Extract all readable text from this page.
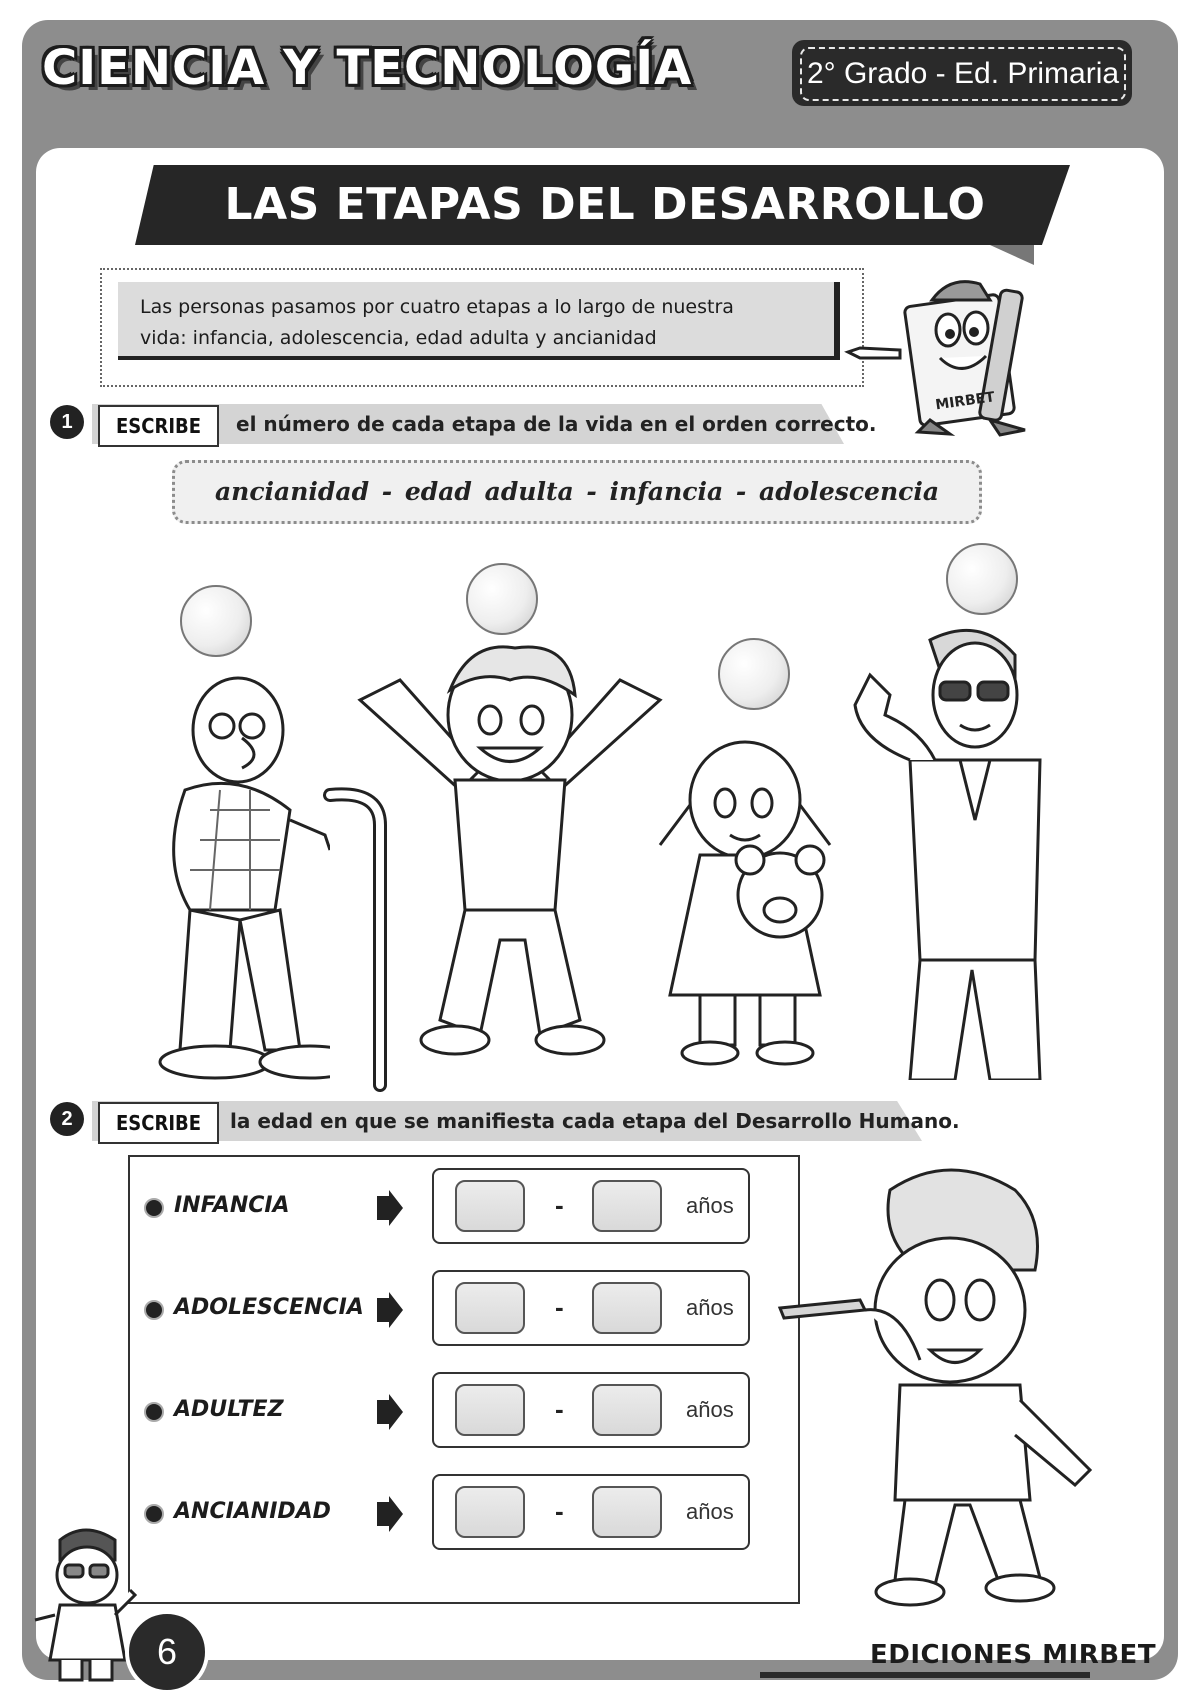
CIENCIA Y TECNOLOGÍA	2° Grado - Ed. Primaria
LAS ETAPAS DEL DESARROLLO
Las personas pasamos por cuatro etapas a lo largo de nuestra
vida: infancia, adolescencia, edad adulta y ancianidad
MIRBET
1	ESCRIBE	el número de cada etapa de la vida en el orden correcto.
ancianidad - edad adulta - infancia - adolescencia
2	ESCRIBE	la edad en que se manifiesta cada etapa del Desarrollo Humano.
INFANCIA	-	años
ADOLESCENCIA	-	años
ADULTEZ	-	años
ANCIANIDAD	-	años
6	EDICIONES MIRBET
